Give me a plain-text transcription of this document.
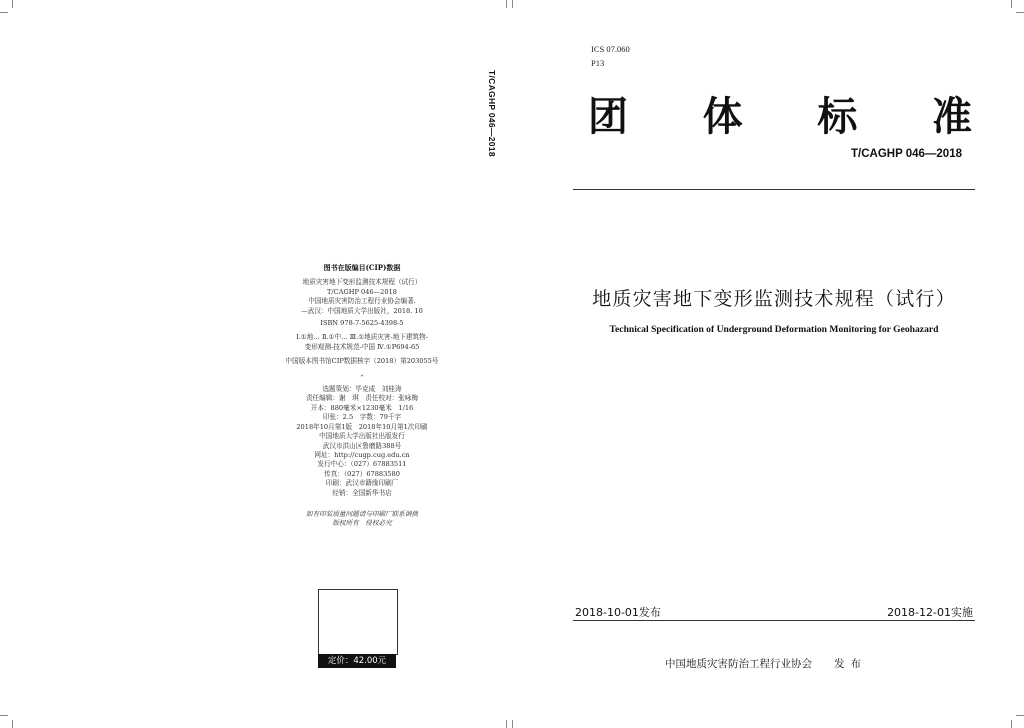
T/CAGHP 046—2018
图书在版编目(CIP)数据
地质灾害地下变形监测技术规程（试行）
T/CAGHP 046—2018
中国地质灾害防治工程行业协会编著.
—武汉：中国地质大学出版社，2018. 10
ISBN 978-7-5625-4398-5
Ⅰ.①地… Ⅱ.①中… Ⅲ.①地质灾害-地下建筑物-
变形观测-技术规范-中国 Ⅳ.①P694-65
中国版本图书馆CIP数据核字（2018）第203055号
*
选题策划：毕克成　刘桂涛
责任编辑：谢　琪　责任校对：张咏梅
开本：880毫米×1230毫米　1/16
印张：2.5　字数：79千字
2018年10月第1版　2018年10月第1次印刷
中国地质大学出版社出版发行
武汉市洪山区鲁磨路388号
网址：http://cugp.cug.edu.cn
发行中心：（027）67883511
传真：（027）67883580
印刷：武汉市籍缘印刷厂
经销：全国新华书店
如有印装质量问题请与印刷厂联系调换
版权所有　侵权必究
定价：42.00元
ICS 07.060
P13
团 体 标 准
T/CAGHP 046—2018
地质灾害地下变形监测技术规程（试行）
Technical Specification of Underground Deformation Monitoring for Geohazard
2018-10-01发布	2018-12-01实施
中国地质灾害防治工程行业协会 发布
